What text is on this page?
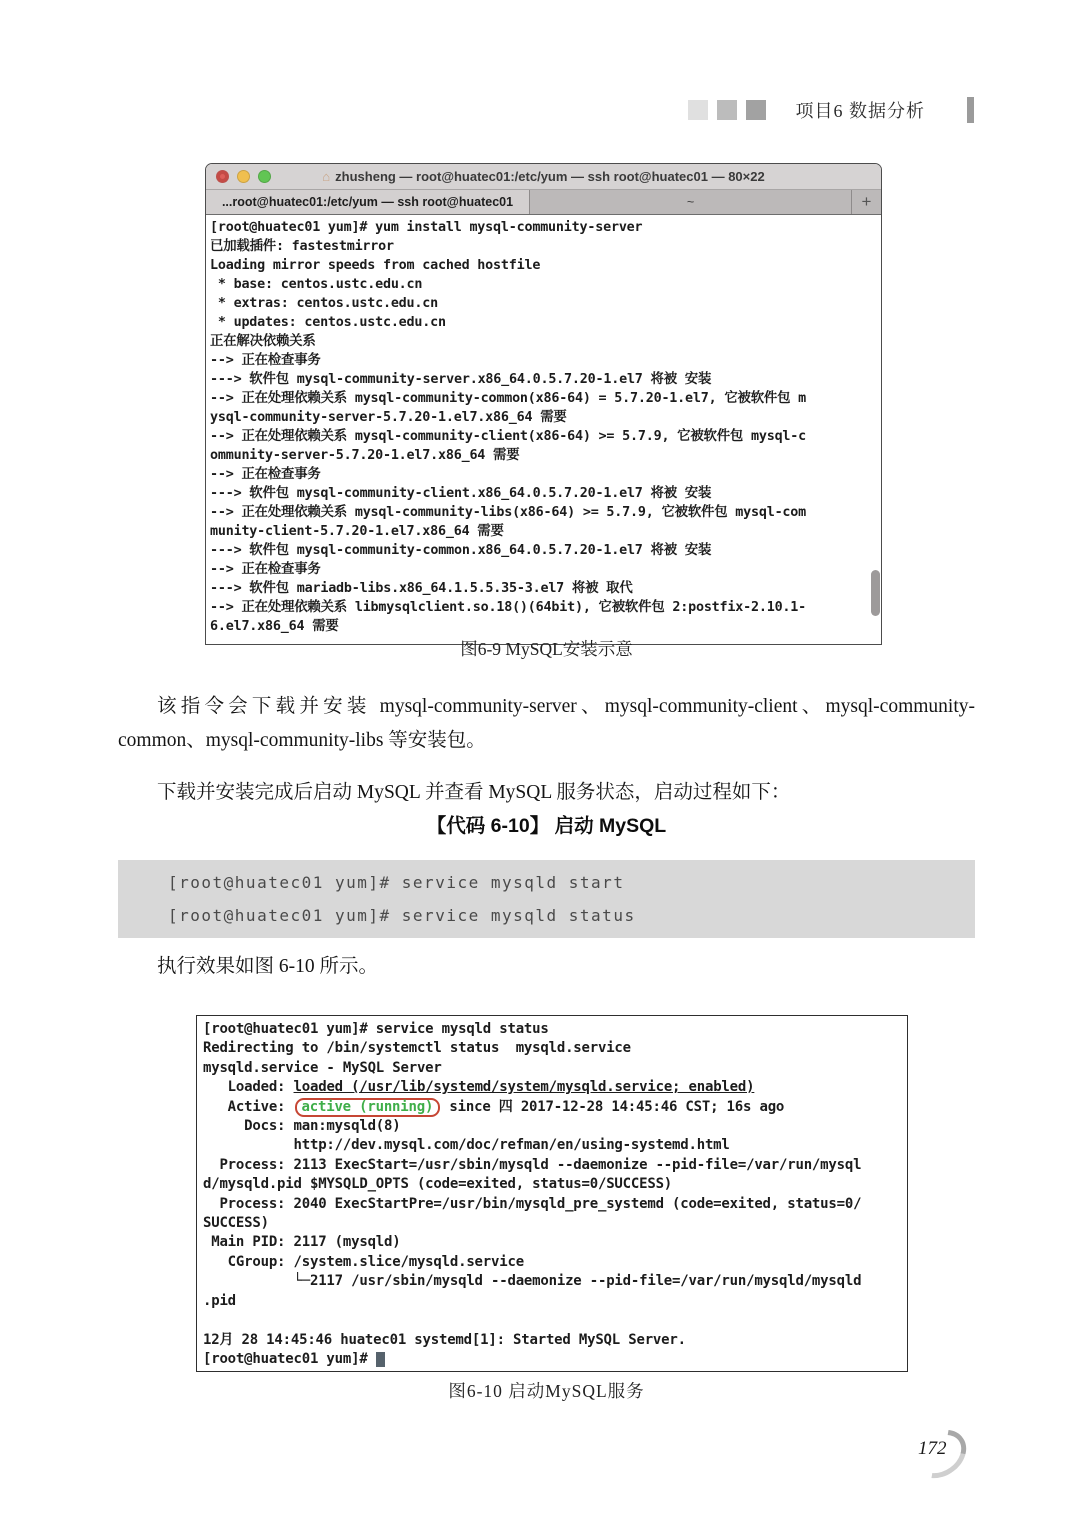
项目6 数据分析
⌂ zhusheng — root@huatec01:/etc/yum — ssh root@huatec01 — 80×22
...root@huatec01:/etc/yum — ssh root@huatec01	~	+
[root@huatec01 yum]# yum install mysql-community-server
已加载插件: fastestmirror
Loading mirror speeds from cached hostfile
* base: centos.ustc.edu.cn
* extras: centos.ustc.edu.cn
* updates: centos.ustc.edu.cn
正在解决依赖关系
--> 正在检查事务
---> 软件包 mysql-community-server.x86_64.0.5.7.20-1.el7 将被 安装
--> 正在处理依赖关系 mysql-community-common(x86-64) = 5.7.20-1.el7, 它被软件包 m
ysql-community-server-5.7.20-1.el7.x86_64 需要
--> 正在处理依赖关系 mysql-community-client(x86-64) >= 5.7.9, 它被软件包 mysql-c
ommunity-server-5.7.20-1.el7.x86_64 需要
--> 正在检查事务
---> 软件包 mysql-community-client.x86_64.0.5.7.20-1.el7 将被 安装
--> 正在处理依赖关系 mysql-community-libs(x86-64) >= 5.7.9, 它被软件包 mysql-com
munity-client-5.7.20-1.el7.x86_64 需要
---> 软件包 mysql-community-common.x86_64.0.5.7.20-1.el7 将被 安装
--> 正在检查事务
---> 软件包 mariadb-libs.x86_64.1.5.5.35-3.el7 将被 取代
--> 正在处理依赖关系 libmysqlclient.so.18()(64bit), 它被软件包 2:postfix-2.10.1-
6.el7.x86_64 需要
图6-9 MySQL安装示意
该指令会下载并安装 mysql-community-server、mysql-community-client、mysql-community-common、mysql-community-libs 等安装包。
下载并安装完成后启动 MySQL 并查看 MySQL 服务状态，启动过程如下：
【代码 6-10】 启动 MySQL
[root@huatec01 yum]# service mysqld start
[root@huatec01 yum]# service mysqld status
执行效果如图 6-10 所示。
[root@huatec01 yum]# service mysqld status
Redirecting to /bin/systemctl status  mysqld.service
mysqld.service - MySQL Server
Loaded: loaded (/usr/lib/systemd/system/mysqld.service; enabled)
Active: active (running) since 四 2017-12-28 14:45:46 CST; 16s ago
Docs: man:mysqld(8)
http://dev.mysql.com/doc/refman/en/using-systemd.html
Process: 2113 ExecStart=/usr/sbin/mysqld --daemonize --pid-file=/var/run/mysql
d/mysqld.pid $MYSQLD_OPTS (code=exited, status=0/SUCCESS)
Process: 2040 ExecStartPre=/usr/bin/mysqld_pre_systemd (code=exited, status=0/
SUCCESS)
Main PID: 2117 (mysqld)
CGroup: /system.slice/mysqld.service
└─2117 /usr/sbin/mysqld --daemonize --pid-file=/var/run/mysqld/mysqld
.pid

12月 28 14:45:46 huatec01 systemd[1]: Started MySQL Server.
[root@huatec01 yum]#
图6-10 启动MySQL服务
172
